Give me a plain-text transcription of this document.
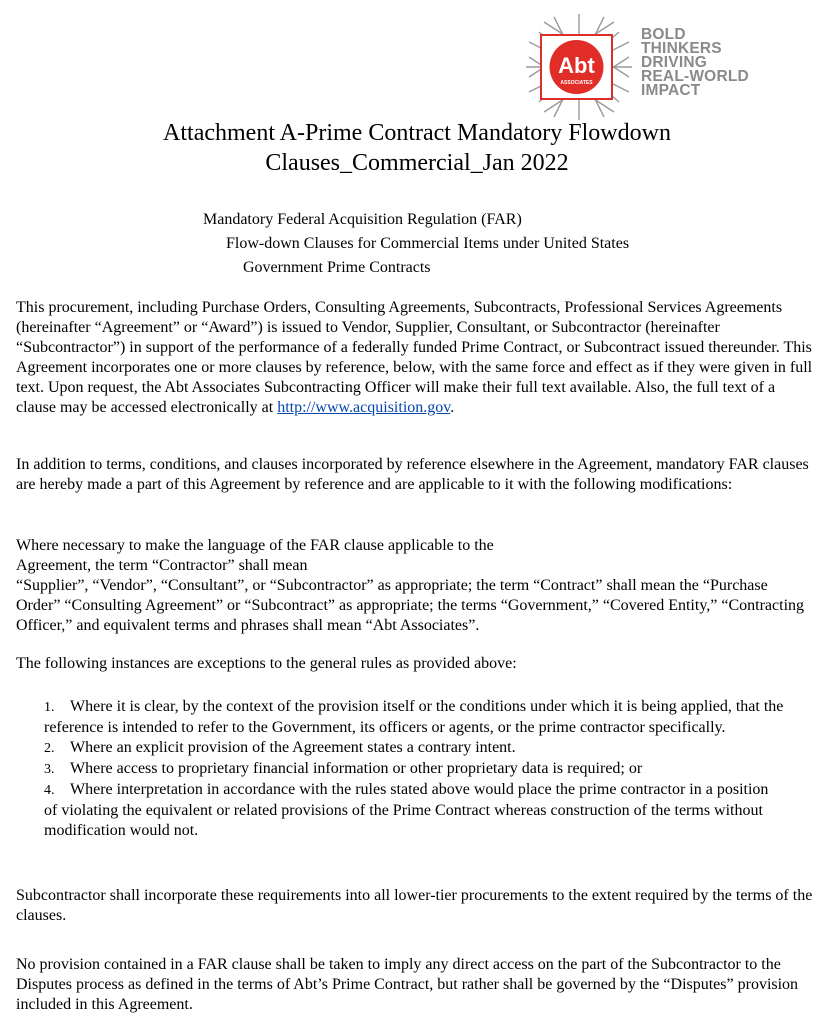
Abt
ASSOCIATES
BOLD
THINKERS
DRIVING
REAL-WORLD
IMPACT
Attachment A-Prime Contract Mandatory Flowdown
Clauses_Commercial_Jan 2022
Mandatory Federal Acquisition Regulation (FAR)
Flow-down Clauses for Commercial Items under United States
Government Prime Contracts

This procurement, including Purchase Orders, Consulting Agreements, Subcontracts, Professional Services Agreements (hereinafter “Agreement” or “Award”) is issued to Vendor, Supplier, Consultant, or Subcontractor (hereinafter “Subcontractor”) in support of the performance of a federally funded Prime Contract, or Subcontract issued thereunder. This Agreement incorporates one or more clauses by reference, below, with the same force and effect as if they were given in full text. Upon request, the Abt Associates Subcontracting Officer will make their full text available. Also, the full text of a clause may be accessed electronically at http://www.acquisition.gov.

In addition to terms, conditions, and clauses incorporated by reference elsewhere in the Agreement, mandatory FAR clauses are hereby made a part of this Agreement by reference and are applicable to it with the following modifications:

Where necessary to make the language of the FAR clause applicable to the Agreement, the term “Contractor” shall mean
“Supplier”, “Vendor”, “Consultant”, or “Subcontractor” as appropriate; the term “Contract” shall mean the “Purchase Order” “Consulting Agreement” or “Subcontract” as appropriate; the terms “Government,” “Covered Entity,” “Contracting Officer,” and equivalent terms and phrases shall mean “Abt Associates”.

The following instances are exceptions to the general rules as provided above:

1. Where it is clear, by the context of the provision itself or the conditions under which it is being applied, that the reference is intended to refer to the Government, its officers or agents, or the prime contractor specifically.
2. Where an explicit provision of the Agreement states a contrary intent.
3. Where access to proprietary financial information or other proprietary data is required; or
4. Where interpretation in accordance with the rules stated above would place the prime contractor in a position of violating the equivalent or related provisions of the Prime Contract whereas construction of the terms without modification would not.

Subcontractor shall incorporate these requirements into all lower-tier procurements to the extent required by the terms of the clauses.

No provision contained in a FAR clause shall be taken to imply any direct access on the part of the Subcontractor to the Disputes process as defined in the terms of Abt’s Prime Contract, but rather shall be governed by the “Disputes” provision included in this Agreement.
